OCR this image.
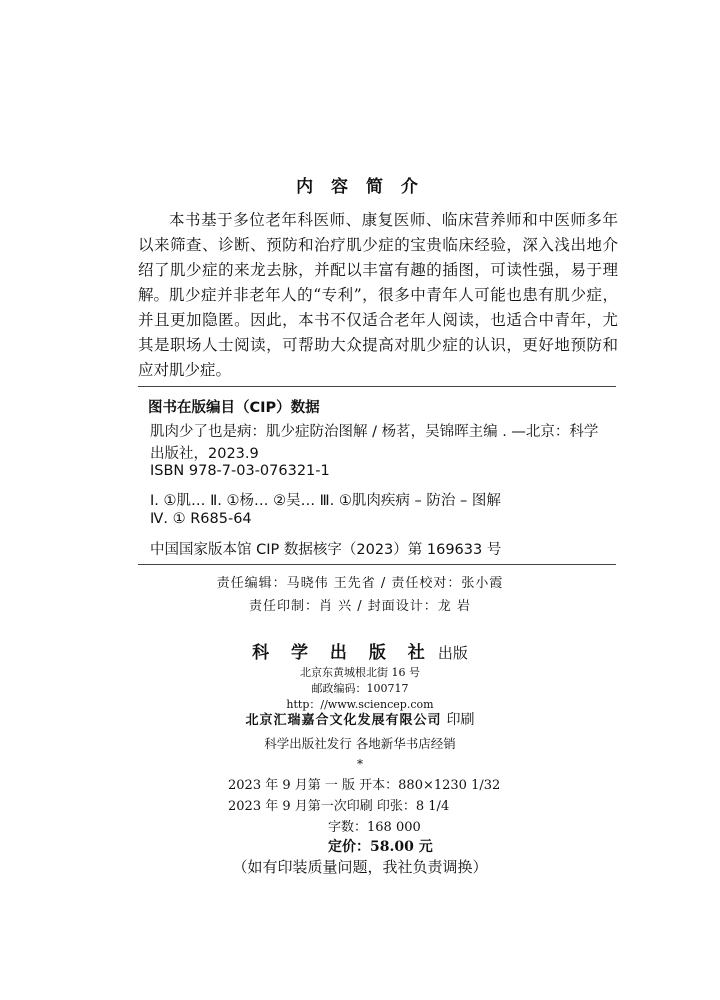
内 容 简 介
本书基于多位老年科医师、康复医师、临床营养师和中医师多年以来筛查、诊断、预防和治疗肌少症的宝贵临床经验，深入浅出地介绍了肌少症的来龙去脉，并配以丰富有趣的插图，可读性强，易于理解。 肌少症并非老年人的“专利”，很多中青年人可能也患有肌少症，并且更加隐匿。因此，本书不仅适合老年人阅读，也适合中青年，尤其是职场人士阅读，可帮助大众提高对肌少症的认识，更好地预防和应对肌少症。
图书在版编目（CIP）数据
肌肉少了也是病：肌少症防治图解 / 杨茗，吴锦晖主编 . —北京：科学
出版社，2023.9
ISBN 978-7-03-076321-1
Ⅰ. ①肌… Ⅱ. ①杨… ②吴… Ⅲ. ①肌肉疾病 – 防治 – 图解
Ⅳ. ① R685-64
中国国家版本馆 CIP 数据核字（2023）第 169633 号
责任编辑：马晓伟 王先省 / 责任校对：张小霞
责任印制：肖 兴 / 封面设计：龙 岩
科 学 出 版 社 出版
北京东黄城根北街 16 号
邮政编码：100717
http：//www.sciencep.com
北京汇瑞嘉合文化发展有限公司 印刷
科学出版社发行 各地新华书店经销
*
2023 年 9 月第 一 版 开本：880×1230 1/32
2023 年 9 月第一次印刷 印张：8 1/4
字数：168 000
定价：58.00 元
（如有印装质量问题，我社负责调换）
